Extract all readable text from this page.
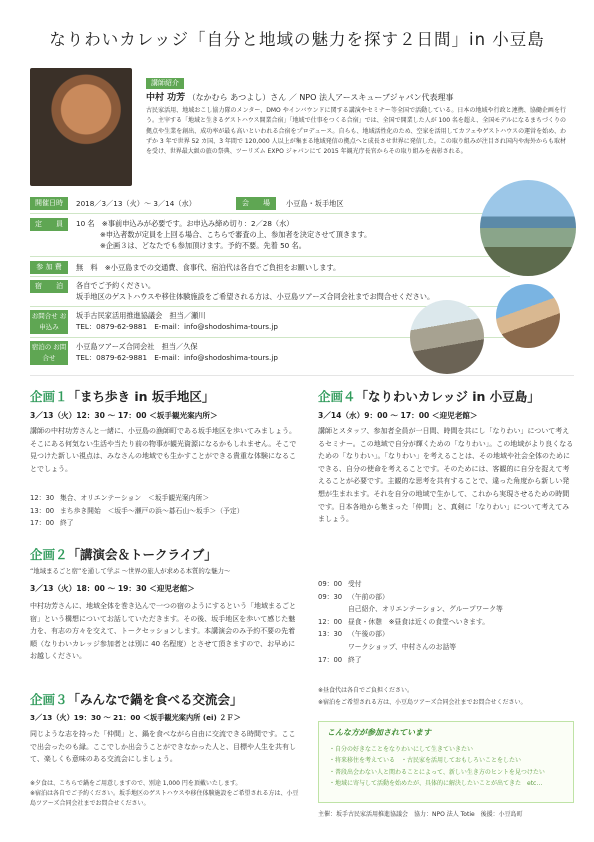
なりわいカレッジ「自分と地域の魅力を探す２日間」in 小豆島
講師紹介
中村 功芳 （なかむら あつよし）さん ／ NPO 法人アースキューブジャパン代表理事
古民家活用、地域おこし協力隊のメンター、DMO やインバウンドに関する講演やセミナー等全国で活動している。日本の地域や行政と連携、協働企画を行う。主宰する「地域と生きるゲストハウス開業合宿」「地域で仕事をつくる合宿」では、全国で開業した人が 100 名を超え、全国モデルになるまちづくりの拠点や生業を創出、成功率が最も高いといわれる合宿をプロデュース。自らも、地域活性化のため、空家を活用してカフェやゲストハウスの運営を始め、わずか 3 年で世界 52 カ国、3 年間で 120,000 人以上が集まる地域発信の拠点へと成長させ世界に発信した。この取り組みが注目され国内や海外からも取材を受け、世界最大級の旅の祭典、ツーリズム EXPO ジャパンにて 2015 年観光庁長官からその取り組みを表彰される。
開催日時	2018／3／13（火）～ 3／14（水）	会　　場	小豆島・坂手地区
定　　員	10 名　※事前申込みが必要です。お申込み締め切り：2／28（水）
　　　 ※申込者数が定員を上回る場合、こちらで審査の上、参加者を決定させて頂きます。
　　　 ※企画３は、どなたでも参加頂けます。予約不要。先着 50 名。
参 加 費	無　料　※小豆島までの交通費、食事代、宿泊代は各自でご負担をお願いします。
宿　　泊	各自でご予約ください。
坂手地区のゲストハウスや移住体験施設をご希望される方は、小豆島ツアーズ合同会社までお問合せください。
お問合せ お申込み
坂手古民家活用推進協議会　担当／瀬川
TEL：0879-62-9881　E-mail：info@shodoshima-tours.jp
宿泊の お問合せ
小豆島ツアーズ合同会社　担当／久保
TEL：0879-62-9881　E-mail：info@shodoshima-tours.jp
企画１「まち歩き in 坂手地区」
3／13（火）12：30 ～ 17：00 ＜坂手観光案内所＞
講師の中村功芳さんと一緒に、小豆島の漁師町である坂手地区を歩いてみましょう。そこにある何気ない生活や当たり前の物事が観光資源になるかもしれません。そこで見つけた新しい視点は、みなさんの地域でも生かすことができる貴重な体験になることでしょう。
12：30 集合、オリエンテーション　＜坂手観光案内所＞
13：00 まち歩き開始　＜坂手～瀬戸の浜～碁石山～坂手＞（予定）
17：00 終了
企画２「講演会＆トークライブ」
“地域まるごと宿”を通して学ぶ ～世界の旅人が求める本質的な魅力～
3／13（火）18：00 ～ 19：30 ＜迎児老館＞
中村功芳さんに、地域全体を巻き込んで一つの宿のようにするという「地域まるごと宿」という構想についてお話していただきます。その後、坂手地区を歩いて感じた魅力を、有志の方々を交えて、トークセッションします。本講演会のみ予約不要の先着順（なりわいカレッジ参加者とは別に 40 名程度）とさせて頂きますので、お早めにお越しください。
企画３「みんなで鍋を食べる交流会」
3／13（火）19：30 ～ 21：00 ＜坂手観光案内所 (ei) ２Ｆ＞
同じような志を持った「仲間」と、鍋を食べながら自由に交流できる時間です。ここで出会ったのも縁。ここでしか出会うことができなかった人と、目標や人生を共有して、楽しくも意味のある交流会にしましょう。
※夕食は、こちらで鍋をご用意しますので、別途 1,000 円を頂戴いたします。
※宿泊は各自でご予約ください。坂手地区のゲストハウスや移住体験施設をご希望される方は、小豆島ツアーズ合同会社までお問合せください。
企画４「なりわいカレッジ in 小豆島」
3／14（水）9：00 ～ 17：00 ＜迎児老館＞
講師とスタッフ、参加者全員が一日間、時間を共にし「なりわい」について考えるセミナー。この地域で自分が輝くための「なりわい」。この地域がより良くなるための「なりわい」。「なりわい」を考えることは、その地域や社会全体のためにできる、自分の使命を考えることです。そのためには、客観的に自分を捉えて考えることが必要です。主観的な思考を共有することで、違った角度から新しい発想が生まれます。それを自分の地域で生かして、これから実現させるための時間です。日本各地から集まった「仲間」と、真剣に「なりわい」について考えてみましょう。
09：00 受付
09：30 （午前の部）
自己紹介、オリエンテーション、グループワーク等
12：00 昼食・休憩　※昼食は近くの食堂へいきます。
13：30 （午後の部）
ワークショップ、中村さんのお話等
17：00 終了
※昼食代は各自でご負担ください。
※宿泊をご希望される方は、小豆島ツアーズ合同会社までお問合せください。
こんな方が参加されています
・自分の好きなことをなりわいにして生きていきたい
・将来移住を考えている　・古民家を活用しておもしろいことをしたい
・普段出会わない人と関わることによって、新しい生き方のヒントを見つけたい
・地域に寄与して活動を始めたが、具体的に解決したいことが出てきた　etc…
主催：坂手古民家活用推進協議会　協力：NPO 法人 Totie　後援：小豆島町
